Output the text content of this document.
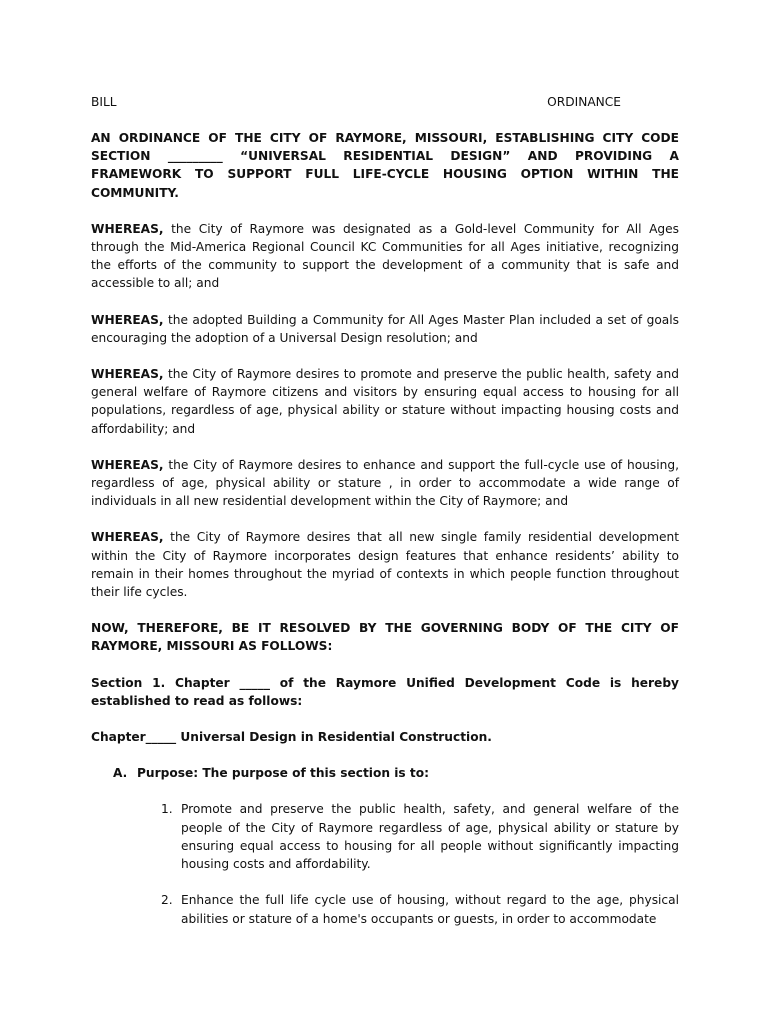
BILL	ORDINANCE
AN ORDINANCE OF THE CITY OF RAYMORE, MISSOURI, ESTABLISHING CITY CODE SECTION _________ “UNIVERSAL RESIDENTIAL DESIGN” AND PROVIDING A FRAMEWORK TO SUPPORT FULL LIFE-CYCLE HOUSING OPTION WITHIN THE COMMUNITY.

WHEREAS, the City of Raymore was designated as a Gold-level Community for All Ages through the Mid-America Regional Council KC Communities for all Ages initiative, recognizing the efforts of the community to support the development of a community that is safe and accessible to all; and

WHEREAS, the adopted Building a Community for All Ages Master Plan included a set of goals encouraging the adoption of a Universal Design resolution; and

WHEREAS, the City of Raymore desires to promote and preserve the public health, safety and general welfare of Raymore citizens and visitors by ensuring equal access to housing for all populations, regardless of age, physical ability or stature without impacting housing costs and affordability; and

WHEREAS, the City of Raymore desires to enhance and support the full-cycle use of housing, regardless of age, physical ability or stature , in order to accommodate a wide range of individuals in all new residential development within the City of Raymore; and

WHEREAS, the City of Raymore desires that all new single family residential development within the City of Raymore incorporates design features that enhance residents’ ability to remain in their homes throughout the myriad of contexts in which people function throughout their life cycles.

NOW, THEREFORE, BE IT RESOLVED BY THE GOVERNING BODY OF THE CITY OF RAYMORE, MISSOURI AS FOLLOWS:

Section 1. Chapter _____ of the Raymore Unified Development Code is hereby established to read as follows:

Chapter_____ Universal Design in Residential Construction.

A. Purpose: The purpose of this section is to:
1. Promote and preserve the public health, safety, and general welfare of the people of the City of Raymore regardless of age, physical ability or stature by ensuring equal access to housing for all people without significantly impacting housing costs and affordability.
2. Enhance the full life cycle use of housing, without regard to the age, physical abilities or stature of a home's occupants or guests, in order to accommodate
